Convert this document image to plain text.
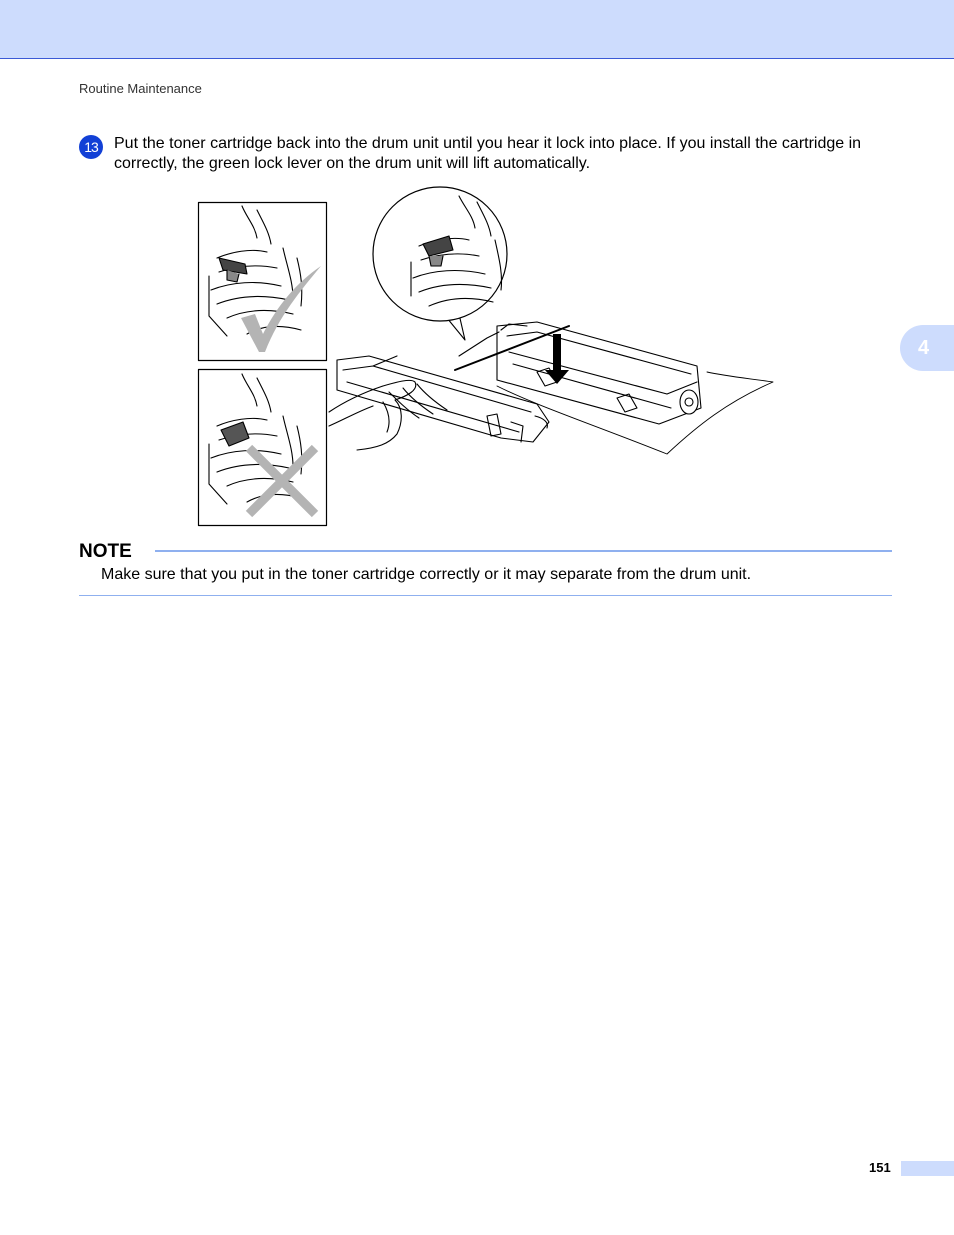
Routine Maintenance
13	Put the toner cartridge back into the drum unit until you hear it lock into place. If you install the cartridge in correctly, the green lock lever on the drum unit will lift automatically.
NOTE
Make sure that you put in the toner cartridge correctly or it may separate from the drum unit.
4
151
